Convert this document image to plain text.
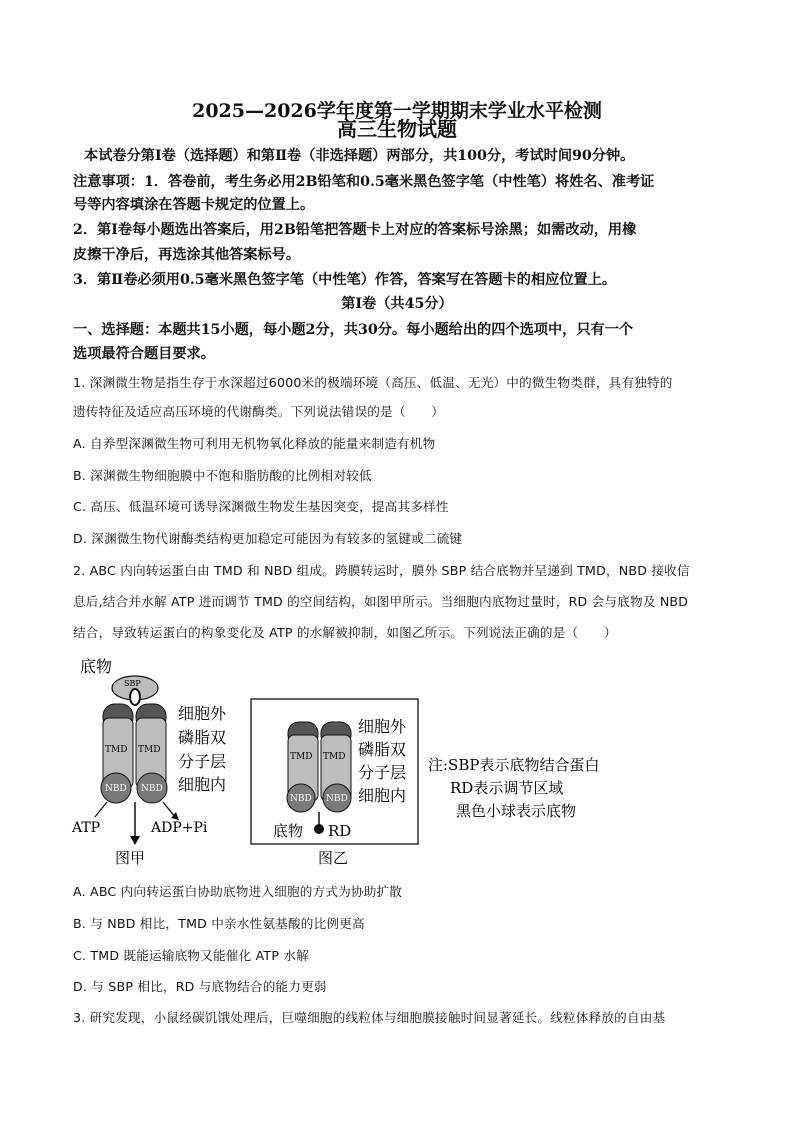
2025—2026学年度第一学期期末学业水平检测
高三生物试题
本试卷分第Ⅰ卷（选择题）和第Ⅱ卷（非选择题）两部分，共100分，考试时间90分钟。
注意事项：1．答卷前，考生务必用2B铅笔和0.5毫米黑色签字笔（中性笔）将姓名、准考证
号等内容填涂在答题卡规定的位置上。
2．第Ⅰ卷每小题选出答案后，用2B铅笔把答题卡上对应的答案标号涂黑；如需改动，用橡
皮擦干净后，再选涂其他答案标号。
3．第Ⅱ卷必须用0.5毫米黑色签字笔（中性笔）作答，答案写在答题卡的相应位置上。
第Ⅰ卷（共45分）
一、选择题：本题共15小题，每小题2分，共30分。每小题给出的四个选项中，只有一个
选项最符合题目要求。
1. 深渊微生物是指生存于水深超过6000米的极端环境（高压、低温、无光）中的微生物类群，具有独特的
遗传特征及适应高压环境的代谢酶类。下列说法错误的是（　　）
A. 自养型深渊微生物可利用无机物氧化释放的能量来制造有机物
B. 深渊微生物细胞膜中不饱和脂肪酸的比例相对较低
C. 高压、低温环境可诱导深渊微生物发生基因突变，提高其多样性
D. 深渊微生物代谢酶类结构更加稳定可能因为有较多的氢键或二硫键
2. ABC 内向转运蛋白由 TMD 和 NBD 组成。跨膜转运时，膜外 SBP 结合底物并呈递到 TMD，NBD 接收信
息后,结合并水解 ATP 进而调节 TMD 的空间结构，如图甲所示。当细胞内底物过量时，RD 会与底物及 NBD
结合，导致转运蛋白的构象变化及 ATP 的水解被抑制，如图乙所示。下列说法正确的是（　　）
底物
SBP
TMD TMD
NBD NBD
ATP	ADP+Pi
图甲
细胞外
磷脂双
分子层
细胞内
TMD TMD
NBD NBD
底物 RD
图乙
细胞外
磷脂双
分子层
细胞内
注:SBP表示底物结合蛋白
RD表示调节区域
黑色小球表示底物
A. ABC 内向转运蛋白协助底物进入细胞的方式为协助扩散
B. 与 NBD 相比，TMD 中亲水性氨基酸的比例更高
C. TMD 既能运输底物又能催化 ATP 水解
D. 与 SBP 相比，RD 与底物结合的能力更弱
3. 研究发现，小鼠经碳饥饿处理后，巨噬细胞的线粒体与细胞膜接触时间显著延长。线粒体释放的自由基
